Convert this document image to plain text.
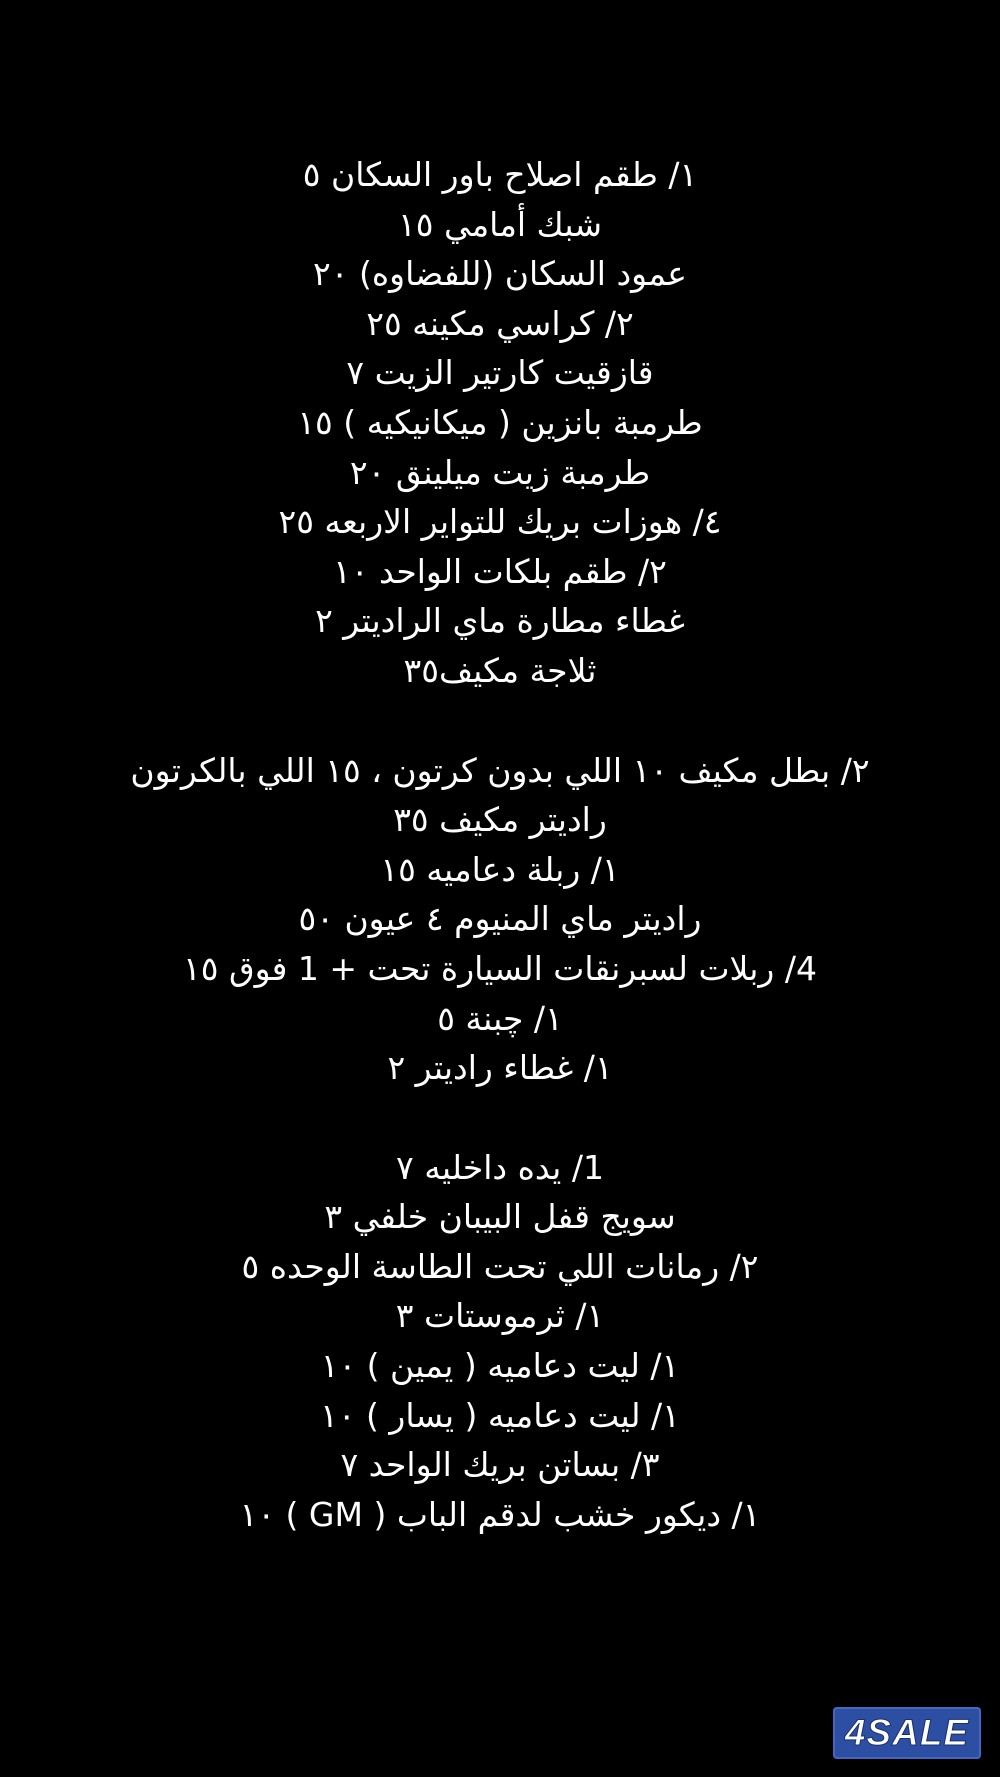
١/ طقم اصلاح باور السكان ٥
شبك أمامي ١٥
عمود السكان (للفضاوه) ٢٠
٢/ كراسي مكينه ٢٥
قازقيت كارتير الزيت ٧
طرمبة بانزين ( ميكانيكيه ) ١٥
طرمبة زيت ميلينق ٢٠
٤/ هوزات بريك للتواير الاربعه ٢٥
٢/ طقم بلكات الواحد ١٠
غطاء مطارة ماي الراديتر ٢
ثلاجة مكيف٣٥
٢/ بطل مكيف ١٠ اللي بدون كرتون ، ١٥ اللي بالكرتون
راديتر مكيف ٣٥
١/ ربلة دعاميه ١٥
راديتر ماي المنيوم ٤ عيون ٥٠
4/ ربلات لسبرنقات السيارة تحت + 1 فوق ١٥
١/ چبنة ٥
١/ غطاء راديتر ٢
1/ يده داخليه ٧
سويج قفل البيبان خلفي ٣
٢/ رمانات اللي تحت الطاسة الوحده ٥
١/ ثرموستات ٣
١/ ليت دعاميه ( يمين ) ١٠
١/ ليت دعاميه ( يسار ) ١٠
٣/ بساتن بريك الواحد ٧
١/ ديكور خشب لدقم الباب ( GM ) ١٠
4SALE
